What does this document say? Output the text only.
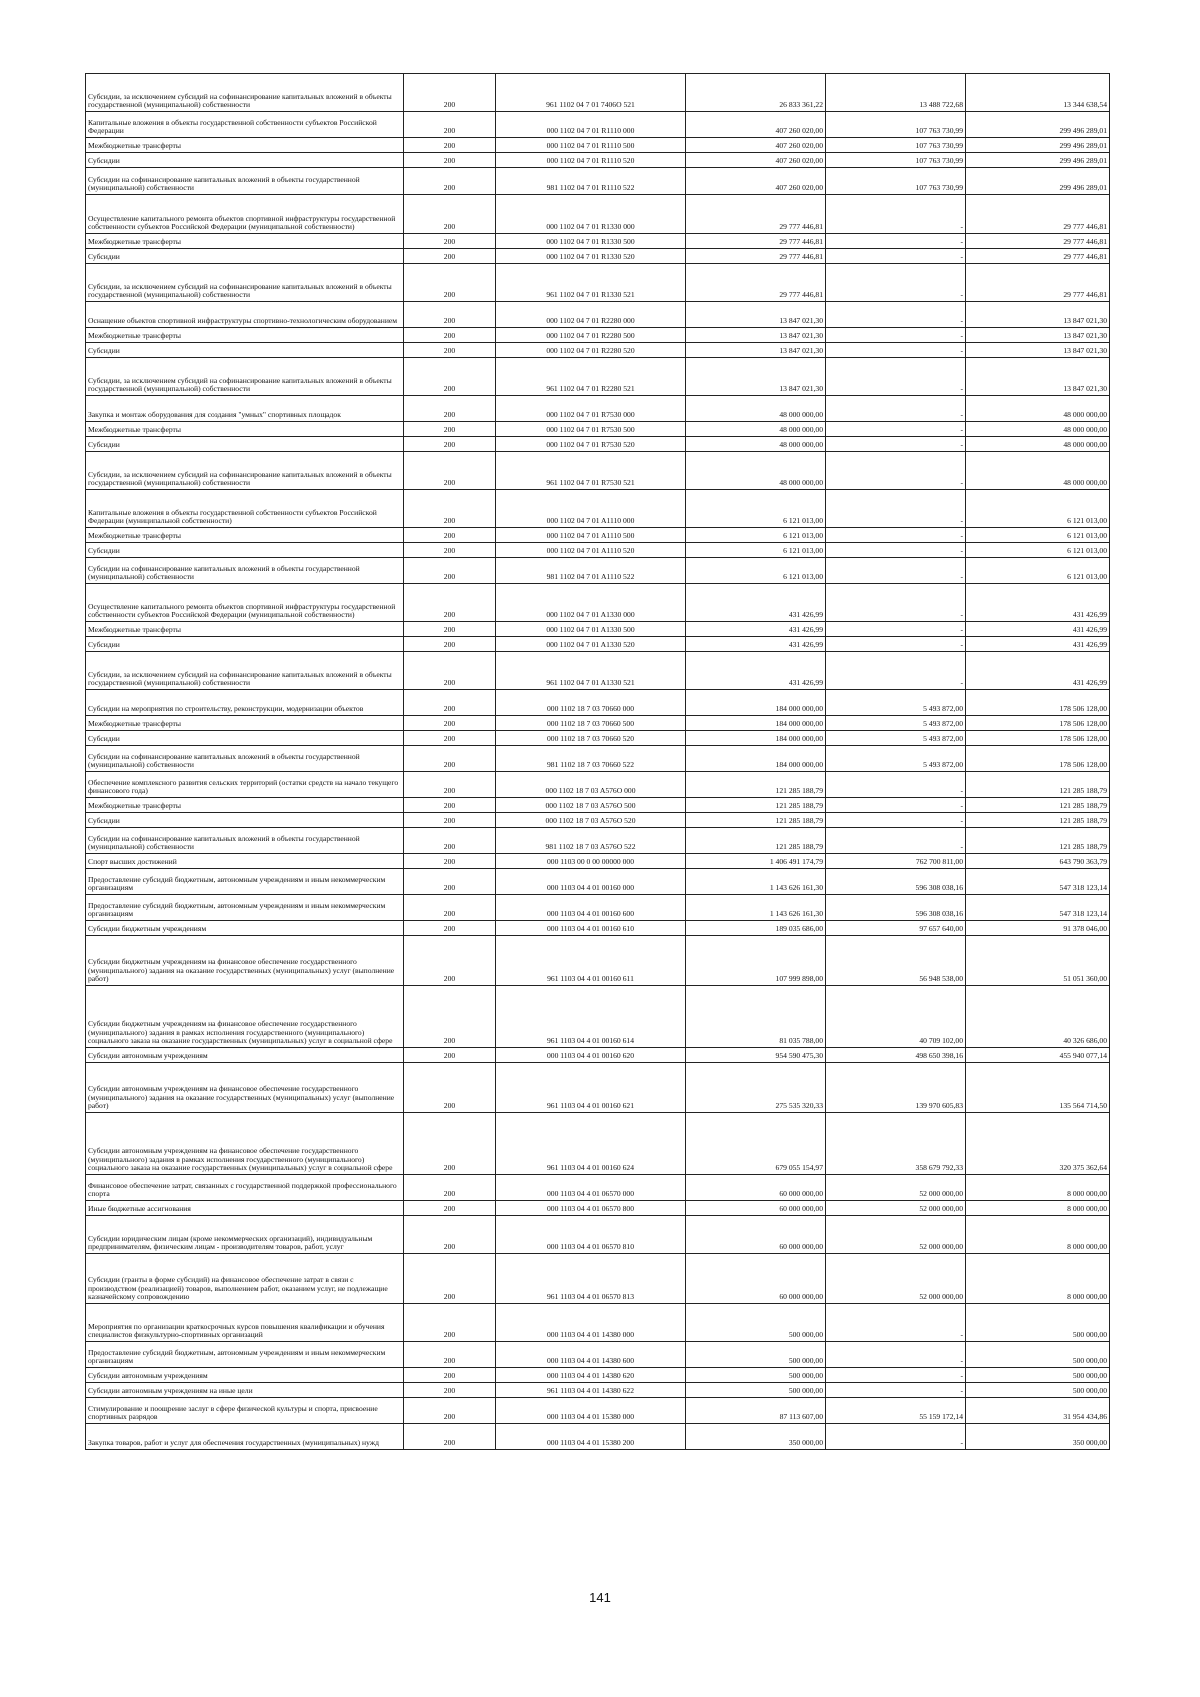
Субсидии, за исключением субсидий на софинансирование капитальных вложений в объекты государственной (муниципальной) собственности	200	961 1102 04 7 01 7406O 521	26 833 361,22	13 488 722,68	13 344 638,54
Капитальные вложения в объекты государственной собственности субъектов Российской Федерации	200	000 1102 04 7 01 R1110 000	407 260 020,00	107 763 730,99	299 496 289,01
Межбюджетные трансферты	200	000 1102 04 7 01 R1110 500	407 260 020,00	107 763 730,99	299 496 289,01
Субсидии	200	000 1102 04 7 01 R1110 520	407 260 020,00	107 763 730,99	299 496 289,01
Субсидии на софинансирование капитальных вложений в объекты государственной (муниципальной) собственности	200	981 1102 04 7 01 R1110 522	407 260 020,00	107 763 730,99	299 496 289,01
Осуществление капитального ремонта объектов спортивной инфраструктуры государственной собственности субъектов Российской Федерации (муниципальной собственности)	200	000 1102 04 7 01 R1330 000	29 777 446,81	-	29 777 446,81
Межбюджетные трансферты	200	000 1102 04 7 01 R1330 500	29 777 446,81	-	29 777 446,81
Субсидии	200	000 1102 04 7 01 R1330 520	29 777 446,81	-	29 777 446,81
Субсидии, за исключением субсидий на софинансирование капитальных вложений в объекты государственной (муниципальной) собственности	200	961 1102 04 7 01 R1330 521	29 777 446,81	-	29 777 446,81
Оснащение объектов спортивной инфраструктуры спортивно-технологическим оборудованием	200	000 1102 04 7 01 R2280 000	13 847 021,30	-	13 847 021,30
Межбюджетные трансферты	200	000 1102 04 7 01 R2280 500	13 847 021,30	-	13 847 021,30
Субсидии	200	000 1102 04 7 01 R2280 520	13 847 021,30	-	13 847 021,30
Субсидии, за исключением субсидий на софинансирование капитальных вложений в объекты государственной (муниципальной) собственности	200	961 1102 04 7 01 R2280 521	13 847 021,30	-	13 847 021,30
Закупка и монтаж оборудования для создания "умных" спортивных площадок	200	000 1102 04 7 01 R7530 000	48 000 000,00	-	48 000 000,00
Межбюджетные трансферты	200	000 1102 04 7 01 R7530 500	48 000 000,00	-	48 000 000,00
Субсидии	200	000 1102 04 7 01 R7530 520	48 000 000,00	-	48 000 000,00
Субсидии, за исключением субсидий на софинансирование капитальных вложений в объекты государственной (муниципальной) собственности	200	961 1102 04 7 01 R7530 521	48 000 000,00	-	48 000 000,00
Капитальные вложения в объекты государственной собственности субъектов Российской Федерации (муниципальной собственности)	200	000 1102 04 7 01 A1110 000	6 121 013,00	-	6 121 013,00
Межбюджетные трансферты	200	000 1102 04 7 01 A1110 500	6 121 013,00	-	6 121 013,00
Субсидии	200	000 1102 04 7 01 A1110 520	6 121 013,00	-	6 121 013,00
Субсидии на софинансирование капитальных вложений в объекты государственной (муниципальной) собственности	200	981 1102 04 7 01 A1110 522	6 121 013,00	-	6 121 013,00
Осуществление капитального ремонта объектов спортивной инфраструктуры государственной собственности субъектов Российской Федерации (муниципальной собственности)	200	000 1102 04 7 01 A1330 000	431 426,99	-	431 426,99
Межбюджетные трансферты	200	000 1102 04 7 01 A1330 500	431 426,99	-	431 426,99
Субсидии	200	000 1102 04 7 01 A1330 520	431 426,99	-	431 426,99
Субсидии, за исключением субсидий на софинансирование капитальных вложений в объекты государственной (муниципальной) собственности	200	961 1102 04 7 01 A1330 521	431 426,99	-	431 426,99
Субсидии на мероприятия по строительству, реконструкции, модернизации объектов	200	000 1102 18 7 03 70660 000	184 000 000,00	5 493 872,00	178 506 128,00
Межбюджетные трансферты	200	000 1102 18 7 03 70660 500	184 000 000,00	5 493 872,00	178 506 128,00
Субсидии	200	000 1102 18 7 03 70660 520	184 000 000,00	5 493 872,00	178 506 128,00
Субсидии на софинансирование капитальных вложений в объекты государственной (муниципальной) собственности	200	981 1102 18 7 03 70660 522	184 000 000,00	5 493 872,00	178 506 128,00
Обеспечение комплексного развития сельских территорий (остатки средств на начало текущего финансового года)	200	000 1102 18 7 03 A576O 000	121 285 188,79	-	121 285 188,79
Межбюджетные трансферты	200	000 1102 18 7 03 A576O 500	121 285 188,79	-	121 285 188,79
Субсидии	200	000 1102 18 7 03 A576O 520	121 285 188,79	-	121 285 188,79
Субсидии на софинансирование капитальных вложений в объекты государственной (муниципальной) собственности	200	981 1102 18 7 03 A576O 522	121 285 188,79	-	121 285 188,79
Спорт высших достижений	200	000 1103 00 0 00 00000 000	1 406 491 174,79	762 700 811,00	643 790 363,79
Предоставление субсидий бюджетным, автономным учреждениям и иным некоммерческим организациям	200	000 1103 04 4 01 00160 000	1 143 626 161,30	596 308 038,16	547 318 123,14
Предоставление субсидий бюджетным, автономным учреждениям и иным некоммерческим организациям	200	000 1103 04 4 01 00160 600	1 143 626 161,30	596 308 038,16	547 318 123,14
Субсидии бюджетным учреждениям	200	000 1103 04 4 01 00160 610	189 035 686,00	97 657 640,00	91 378 046,00
Субсидии бюджетным учреждениям на финансовое обеспечение государственного (муниципального) задания на оказание государственных (муниципальных) услуг (выполнение работ)	200	961 1103 04 4 01 00160 611	107 999 898,00	56 948 538,00	51 051 360,00
Субсидии бюджетным учреждениям на финансовое обеспечение государственного (муниципального) задания в рамках исполнения государственного (муниципального) социального заказа на оказание государственных (муниципальных) услуг в социальной сфере	200	961 1103 04 4 01 00160 614	81 035 788,00	40 709 102,00	40 326 686,00
Субсидии автономным учреждениям	200	000 1103 04 4 01 00160 620	954 590 475,30	498 650 398,16	455 940 077,14
Субсидии автономным учреждениям на финансовое обеспечение государственного (муниципального) задания на оказание государственных (муниципальных) услуг (выполнение работ)	200	961 1103 04 4 01 00160 621	275 535 320,33	139 970 605,83	135 564 714,50
Субсидии автономным учреждениям на финансовое обеспечение государственного (муниципального) задания в рамках исполнения государственного (муниципального) социального заказа на оказание государственных (муниципальных) услуг в социальной сфере	200	961 1103 04 4 01 00160 624	679 055 154,97	358 679 792,33	320 375 362,64
Финансовое обеспечение затрат, связанных с государственной поддержкой профессионального спорта	200	000 1103 04 4 01 06570 000	60 000 000,00	52 000 000,00	8 000 000,00
Иные бюджетные ассигнования	200	000 1103 04 4 01 06570 800	60 000 000,00	52 000 000,00	8 000 000,00
Субсидии юридическим лицам (кроме некоммерческих организаций), индивидуальным предпринимателям, физическим лицам - производителям товаров, работ, услуг	200	000 1103 04 4 01 06570 810	60 000 000,00	52 000 000,00	8 000 000,00
Субсидии (гранты в форме субсидий) на финансовое обеспечение затрат в связи с производством (реализацией) товаров, выполнением работ, оказанием услуг, не подлежащие казначейскому сопровождению	200	961 1103 04 4 01 06570 813	60 000 000,00	52 000 000,00	8 000 000,00
Мероприятия по организации краткосрочных курсов повышения квалификации и обучения специалистов физкультурно-спортивных организаций	200	000 1103 04 4 01 14380 000	500 000,00	-	500 000,00
Предоставление субсидий бюджетным, автономным учреждениям и иным некоммерческим организациям	200	000 1103 04 4 01 14380 600	500 000,00	-	500 000,00
Субсидии автономным учреждениям	200	000 1103 04 4 01 14380 620	500 000,00	-	500 000,00
Субсидии автономным учреждениям на иные цели	200	961 1103 04 4 01 14380 622	500 000,00	-	500 000,00
Стимулирование и поощрение заслуг в сфере физической культуры и спорта, присвоение спортивных разрядов	200	000 1103 04 4 01 15380 000	87 113 607,00	55 159 172,14	31 954 434,86
Закупка товаров, работ и услуг для обеспечения государственных (муниципальных) нужд	200	000 1103 04 4 01 15380 200	350 000,00	-	350 000,00
141
